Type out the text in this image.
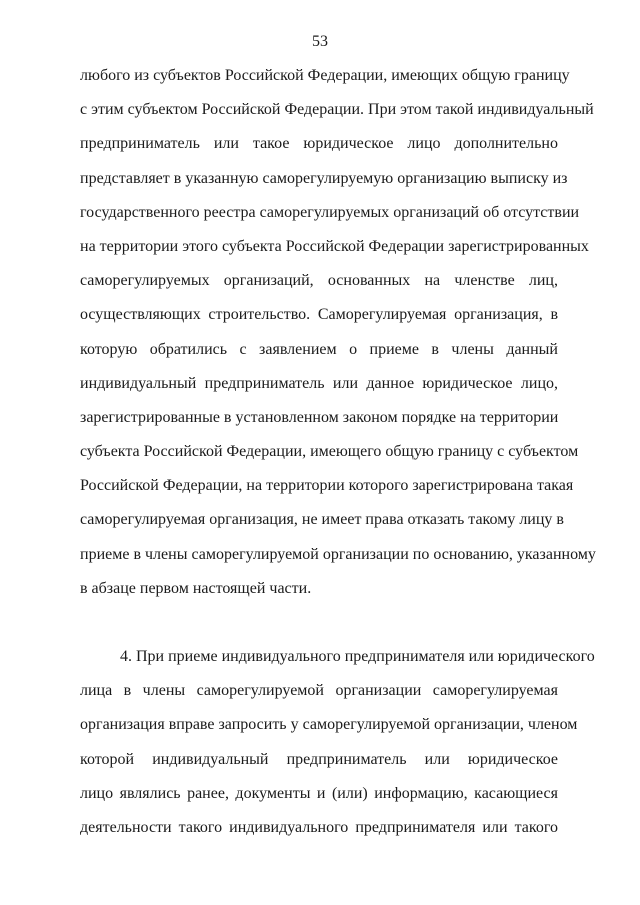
53
любого из субъектов Российской Федерации, имеющих общую границу
с этим субъектом Российской Федерации. При этом такой индивидуальный
предприниматель или такое юридическое лицо дополнительно
представляет в указанную саморегулируемую организацию выписку из
государственного реестра саморегулируемых организаций об отсутствии
на территории этого субъекта Российской Федерации зарегистрированных
саморегулируемых организаций, основанных на членстве лиц,
осуществляющих строительство. Саморегулируемая организация, в
которую обратились с заявлением о приеме в члены данный
индивидуальный предприниматель или данное юридическое лицо,
зарегистрированные в установленном законом порядке на территории
субъекта Российской Федерации, имеющего общую границу с субъектом
Российской Федерации, на территории которого зарегистрирована такая
саморегулируемая организация, не имеет права отказать такому лицу в
приеме в члены саморегулируемой организации по основанию, указанному
в абзаце первом настоящей части.
4. При приеме индивидуального предпринимателя или юридического
лица в члены саморегулируемой организации саморегулируемая
организация вправе запросить у саморегулируемой организации, членом
которой индивидуальный предприниматель или юридическое
лицо являлись ранее, документы и (или) информацию, касающиеся
деятельности такого индивидуального предпринимателя или такого
